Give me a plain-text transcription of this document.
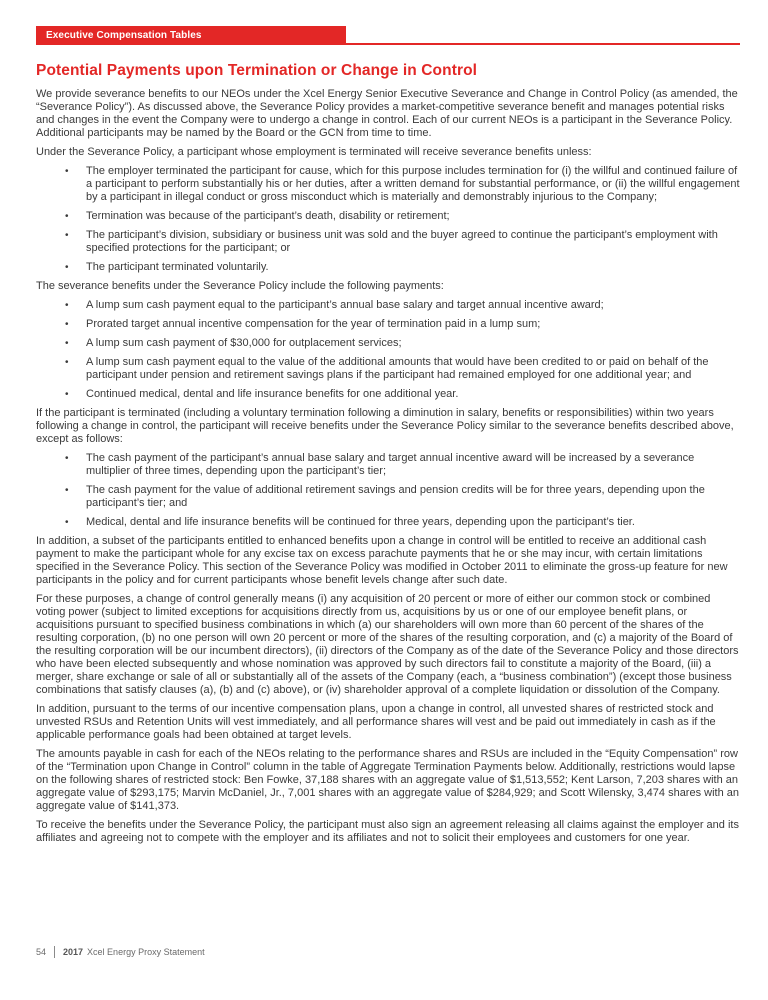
Executive Compensation Tables
Potential Payments upon Termination or Change in Control

We provide severance benefits to our NEOs under the Xcel Energy Senior Executive Severance and Change in Control Policy (as amended, the “Severance Policy”). As discussed above, the Severance Policy provides a market-competitive severance benefit and manages potential risks and changes in the event the Company were to undergo a change in control. Each of our current NEOs is a participant in the Severance Policy. Additional participants may be named by the Board or the GCN from time to time.

Under the Severance Policy, a participant whose employment is terminated will receive severance benefits unless:

•	The employer terminated the participant for cause, which for this purpose includes termination for (i) the willful and continued failure of a participant to perform substantially his or her duties, after a written demand for substantial performance, or (ii) the willful engagement by a participant in illegal conduct or gross misconduct which is materially and demonstrably injurious to the Company;
•	Termination was because of the participant’s death, disability or retirement;
•	The participant’s division, subsidiary or business unit was sold and the buyer agreed to continue the participant’s employment with specified protections for the participant; or
•	The participant terminated voluntarily.

The severance benefits under the Severance Policy include the following payments:

•	A lump sum cash payment equal to the participant’s annual base salary and target annual incentive award;
•	Prorated target annual incentive compensation for the year of termination paid in a lump sum;
•	A lump sum cash payment of $30,000 for outplacement services;
•	A lump sum cash payment equal to the value of the additional amounts that would have been credited to or paid on behalf of the participant under pension and retirement savings plans if the participant had remained employed for one additional year; and
•	Continued medical, dental and life insurance benefits for one additional year.

If the participant is terminated (including a voluntary termination following a diminution in salary, benefits or responsibilities) within two years following a change in control, the participant will receive benefits under the Severance Policy similar to the severance benefits described above, except as follows:

•	The cash payment of the participant’s annual base salary and target annual incentive award will be increased by a severance multiplier of three times, depending upon the participant’s tier;
•	The cash payment for the value of additional retirement savings and pension credits will be for three years, depending upon the participant’s tier; and
•	Medical, dental and life insurance benefits will be continued for three years, depending upon the participant’s tier.

In addition, a subset of the participants entitled to enhanced benefits upon a change in control will be entitled to receive an additional cash payment to make the participant whole for any excise tax on excess parachute payments that he or she may incur, with certain limitations specified in the Severance Policy. This section of the Severance Policy was modified in October 2011 to eliminate the gross-up feature for new participants in the policy and for current participants whose benefit levels change after such date.

For these purposes, a change of control generally means (i) any acquisition of 20 percent or more of either our common stock or combined voting power (subject to limited exceptions for acquisitions directly from us, acquisitions by us or one of our employee benefit plans, or acquisitions pursuant to specified business combinations in which (a) our shareholders will own more than 60 percent of the shares of the resulting corporation, (b) no one person will own 20 percent or more of the shares of the resulting corporation, and (c) a majority of the Board of the resulting corporation will be our incumbent directors), (ii) directors of the Company as of the date of the Severance Policy and those directors who have been elected subsequently and whose nomination was approved by such directors fail to constitute a majority of the Board, (iii) a merger, share exchange or sale of all or substantially all of the assets of the Company (each, a “business combination”) (except those business combinations that satisfy clauses (a), (b) and (c) above), or (iv) shareholder approval of a complete liquidation or dissolution of the Company.

In addition, pursuant to the terms of our incentive compensation plans, upon a change in control, all unvested shares of restricted stock and unvested RSUs and Retention Units will vest immediately, and all performance shares will vest and be paid out immediately in cash as if the applicable performance goals had been obtained at target levels.

The amounts payable in cash for each of the NEOs relating to the performance shares and RSUs are included in the “Equity Compensation” row of the “Termination upon Change in Control” column in the table of Aggregate Termination Payments below. Additionally, restrictions would lapse on the following shares of restricted stock: Ben Fowke, 37,188 shares with an aggregate value of $1,513,552; Kent Larson, 7,203 shares with an aggregate value of $293,175; Marvin McDaniel, Jr., 7,001 shares with an aggregate value of $284,929; and Scott Wilensky, 3,474 shares with an aggregate value of $141,373.

To receive the benefits under the Severance Policy, the participant must also sign an agreement releasing all claims against the employer and its affiliates and agreeing not to compete with the employer and its affiliates and not to solicit their employees and customers for one year.

54 2017 Xcel Energy Proxy Statement
